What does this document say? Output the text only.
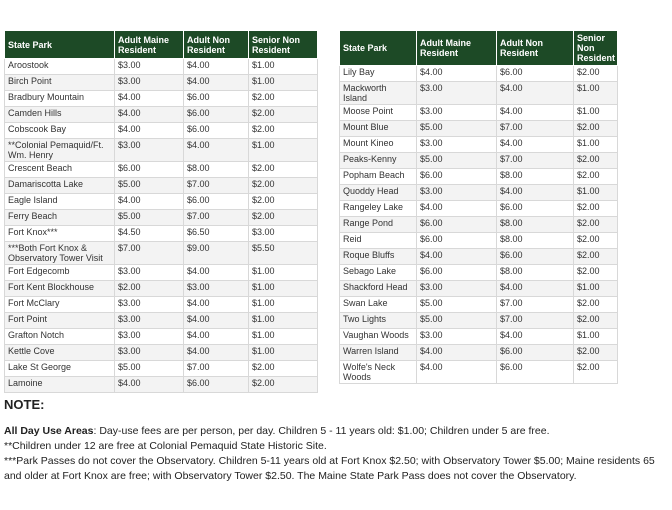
State Park	Adult Maine Resident	Adult Non Resident	Senior Non Resident
Aroostook	$3.00	$4.00	$1.00
Birch Point	$3.00	$4.00	$1.00
Bradbury Mountain	$4.00	$6.00	$2.00
Camden Hills	$4.00	$6.00	$2.00
Cobscook Bay	$4.00	$6.00	$2.00
**Colonial Pemaquid/Ft. Wm. Henry	$3.00	$4.00	$1.00
Crescent Beach	$6.00	$8.00	$2.00
Damariscotta Lake	$5.00	$7.00	$2.00
Eagle Island	$4.00	$6.00	$2.00
Ferry Beach	$5.00	$7.00	$2.00
Fort Knox***	$4.50	$6.50	$3.00
***Both Fort Knox & Observatory Tower Visit	$7.00	$9.00	$5.50
Fort Edgecomb	$3.00	$4.00	$1.00
Fort Kent Blockhouse	$2.00	$3.00	$1.00
Fort McClary	$3.00	$4.00	$1.00
Fort Point	$3.00	$4.00	$1.00
Grafton Notch	$3.00	$4.00	$1.00
Kettle Cove	$3.00	$4.00	$1.00
Lake St George	$5.00	$7.00	$2.00
Lamoine	$4.00	$6.00	$2.00
State Park	Adult Maine Resident	Adult Non Resident	Senior Non Resident
Lily Bay	$4.00	$6.00	$2.00
Mackworth Island	$3.00	$4.00	$1.00
Moose Point	$3.00	$4.00	$1.00
Mount Blue	$5.00	$7.00	$2.00
Mount Kineo	$3.00	$4.00	$1.00
Peaks-Kenny	$5.00	$7.00	$2.00
Popham Beach	$6.00	$8.00	$2.00
Quoddy Head	$3.00	$4.00	$1.00
Rangeley Lake	$4.00	$6.00	$2.00
Range Pond	$6.00	$8.00	$2.00
Reid	$6.00	$8.00	$2.00
Roque Bluffs	$4.00	$6.00	$2.00
Sebago Lake	$6.00	$8.00	$2.00
Shackford Head	$3.00	$4.00	$1.00
Swan Lake	$5.00	$7.00	$2.00
Two Lights	$5.00	$7.00	$2.00
Vaughan Woods	$3.00	$4.00	$1.00
Warren Island	$4.00	$6.00	$2.00
Wolfe's Neck Woods	$4.00	$6.00	$2.00
NOTE:

All Day Use Areas: Day-use fees are per person, per day. Children 5 - 11 years old: $1.00; Children under 5 are free.

**Children under 12 are free at Colonial Pemaquid State Historic Site.

***Park Passes do not cover the Observatory. Children 5-11 years old at Fort Knox $2.50; with Observatory Tower $5.00; Maine residents 65 and older at Fort Knox are free; with Observatory Tower $2.50. The Maine State Park Pass does not cover the Observatory.
